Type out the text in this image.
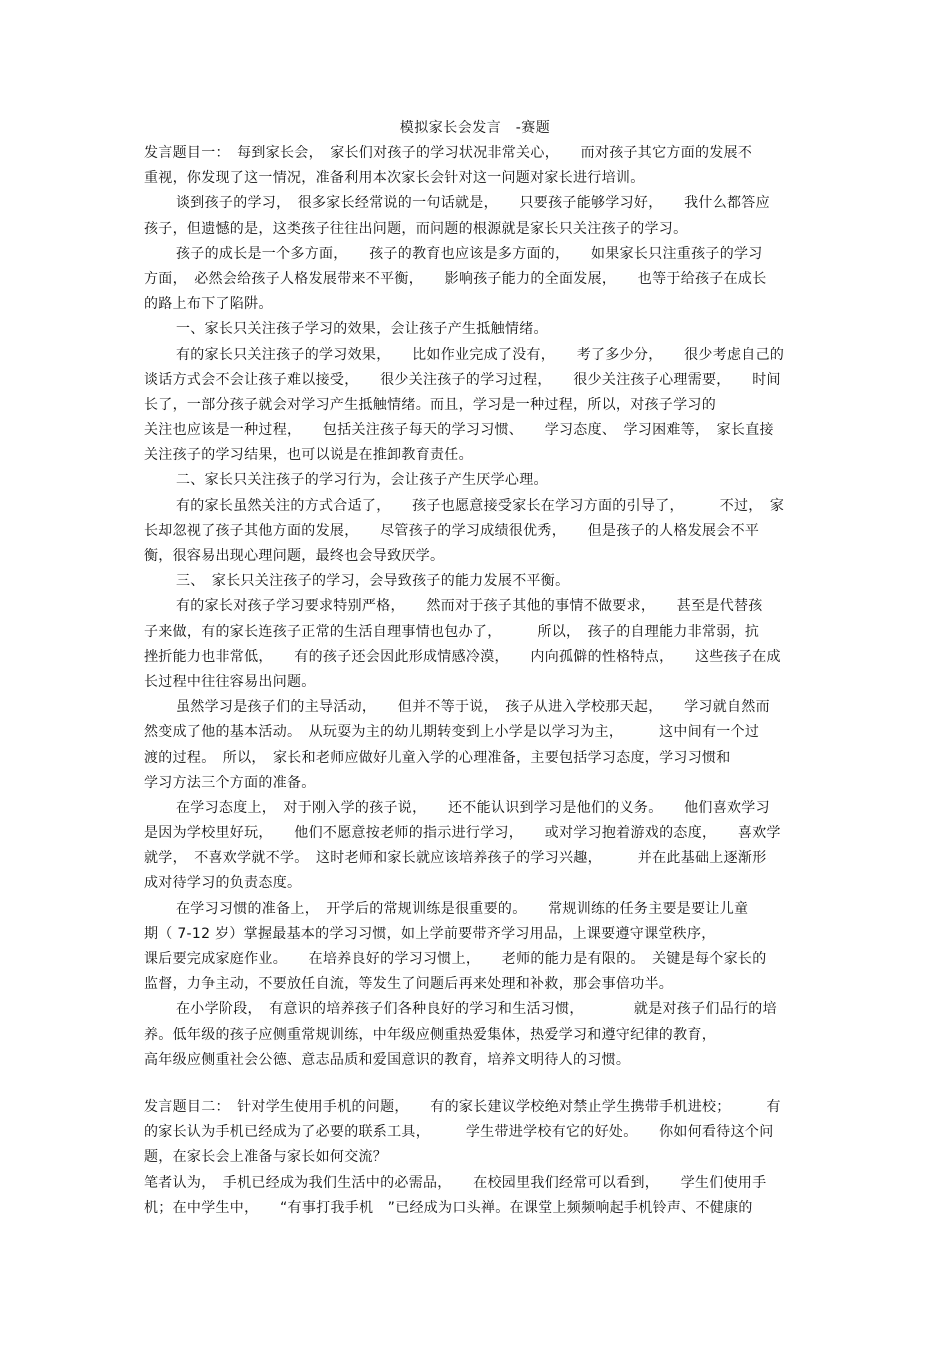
模拟家长会发言　-赛题
发言题目一：　每到家长会，　家长们对孩子的学习状况非常关心，　　而对孩子其它方面的发展不
重视，你发现了这一情况，准备利用本次家长会针对这一问题对家长进行培训。
谈到孩子的学习，　很多家长经常说的一句话就是，　　只要孩子能够学习好，　　我什么都答应
孩子，但遗憾的是，这类孩子往往出问题，而问题的根源就是家长只关注孩子的学习。
孩子的成长是一个多方面，　　孩子的教育也应该是多方面的，　　如果家长只注重孩子的学习
方面，　必然会给孩子人格发展带来不平衡，　　影响孩子能力的全面发展，　　也等于给孩子在成长
的路上布下了陷阱。
一、家长只关注孩子学习的效果，会让孩子产生抵触情绪。
有的家长只关注孩子的学习效果，　　比如作业完成了没有，　　考了多少分，　　很少考虑自己的
谈话方式会不会让孩子难以接受，　　很少关注孩子的学习过程，　　很少关注孩子心理需要，　　时间
长了，一部分孩子就会对学习产生抵触情绪。而且，学习是一种过程，所以，对孩子学习的
关注也应该是一种过程，　　包括关注孩子每天的学习习惯、　　学习态度、　学习困难等，　家长直接
关注孩子的学习结果，也可以说是在推卸教育责任。
二、家长只关注孩子的学习行为，会让孩子产生厌学心理。
有的家长虽然关注的方式合适了，　　孩子也愿意接受家长在学习方面的引导了，　　　不过，　家
长却忽视了孩子其他方面的发展，　　尽管孩子的学习成绩很优秀，　　但是孩子的人格发展会不平
衡，很容易出现心理问题，最终也会导致厌学。
三、　家长只关注孩子的学习，会导致孩子的能力发展不平衡。
有的家长对孩子学习要求特别严格，　　然而对于孩子其他的事情不做要求，　　甚至是代替孩
子来做，有的家长连孩子正常的生活自理事情也包办了，　　　所以，　孩子的自理能力非常弱，抗
挫折能力也非常低，　　有的孩子还会因此形成情感冷漠，　　内向孤僻的性格特点，　　这些孩子在成
长过程中往往容易出问题。
虽然学习是孩子们的主导活动，　　但并不等于说，　孩子从进入学校那天起，　　学习就自然而
然变成了他的基本活动。　从玩耍为主的幼儿期转变到上小学是以学习为主，　　　这中间有一个过
渡的过程。　所以，　家长和老师应做好儿童入学的心理准备，主要包括学习态度，学习习惯和
学习方法三个方面的准备。
在学习态度上，　对于刚入学的孩子说，　　还不能认识到学习是他们的义务。　　他们喜欢学习
是因为学校里好玩，　　他们不愿意按老师的指示进行学习，　　或对学习抱着游戏的态度，　　喜欢学
就学，　不喜欢学就不学。　这时老师和家长就应该培养孩子的学习兴趣，　　　并在此基础上逐渐形
成对待学习的负责态度。
在学习习惯的准备上，　开学后的常规训练是很重要的。　　常规训练的任务主要是要让儿童
期（ 7-12 岁）掌握最基本的学习习惯，如上学前要带齐学习用品，上课要遵守课堂秩序，
课后要完成家庭作业。　　在培养良好的学习习惯上，　　老师的能力是有限的。　关键是每个家长的
监督，力争主动，不要放任自流，等发生了问题后再来处理和补救，那会事倍功半。
在小学阶段，　有意识的培养孩子们各种良好的学习和生活习惯，　　　　就是对孩子们品行的培
养。低年级的孩子应侧重常规训练，中年级应侧重热爱集体，热爱学习和遵守纪律的教育，
高年级应侧重社会公德、意志品质和爱国意识的教育，培养文明待人的习惯。
发言题目二：　针对学生使用手机的问题，　　有的家长建议学校绝对禁止学生携带手机进校；　　　有
的家长认为手机已经成为了必要的联系工具，　　　学生带进学校有它的好处。　　你如何看待这个问
题，在家长会上准备与家长如何交流？
笔者认为，　手机已经成为我们生活中的必需品，　　在校园里我们经常可以看到，　　学生们使用手
机；在中学生中，　　“有事打我手机　”已经成为口头禅。在课堂上频频响起手机铃声、不健康的
